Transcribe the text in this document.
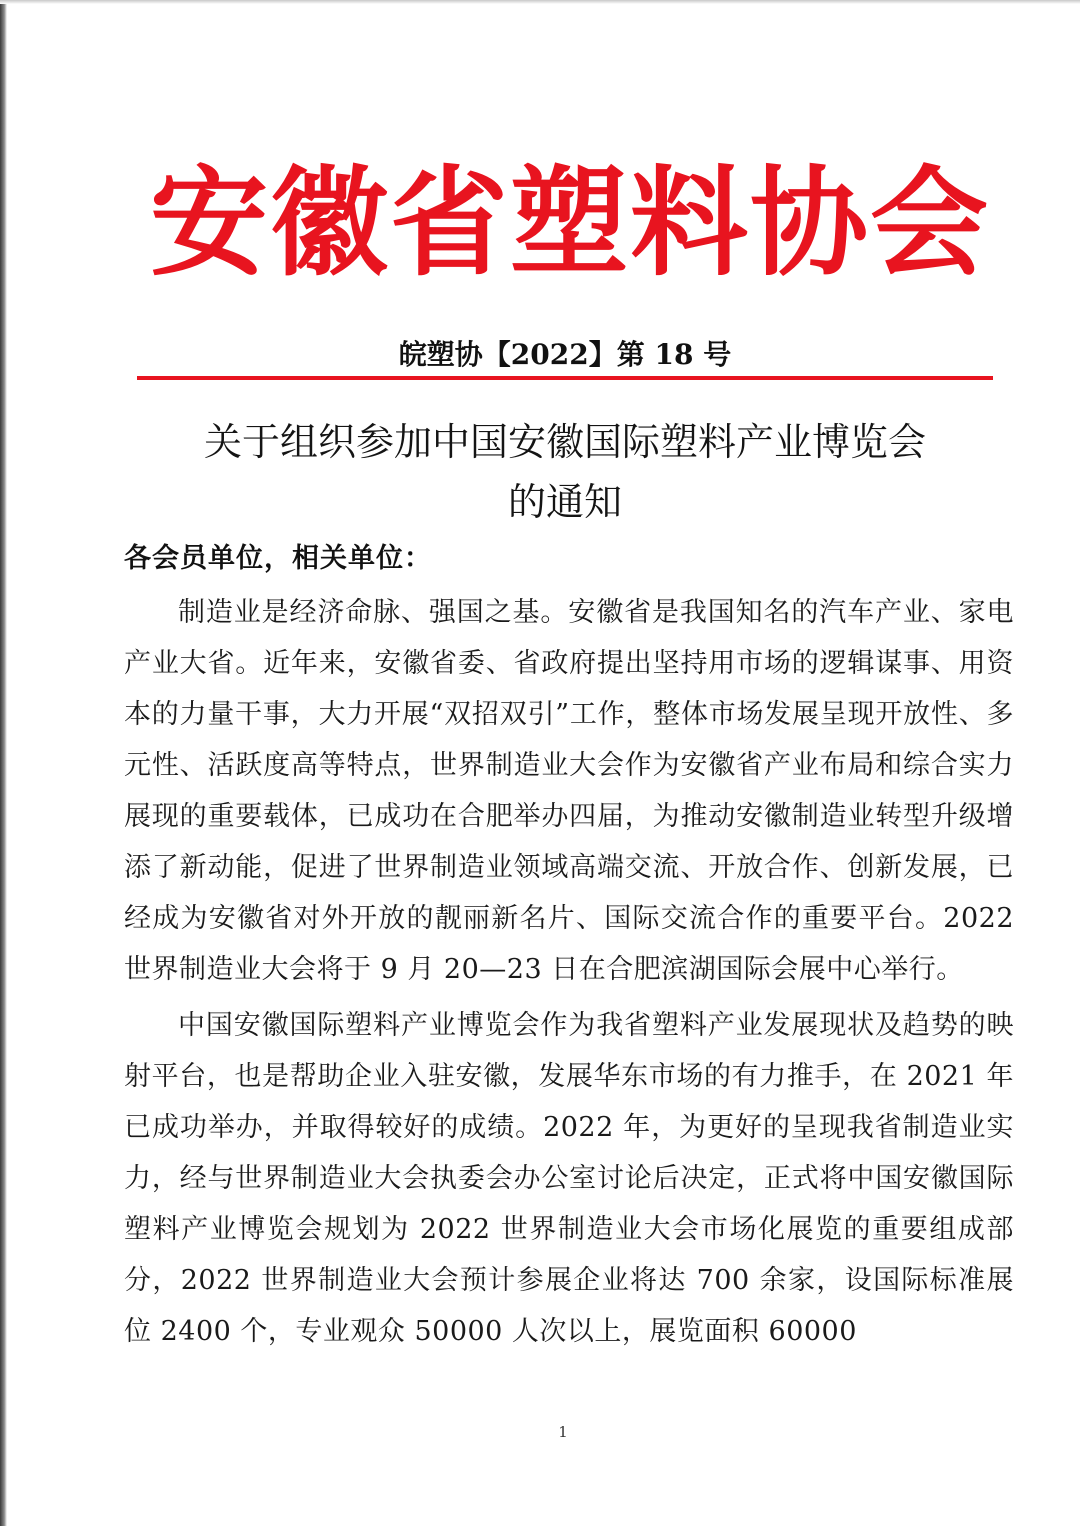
安徽省塑料协会
皖塑协【2022】第 18 号
关于组织参加中国安徽国际塑料产业博览会
的通知
各会员单位，相关单位：

制造业是经济命脉、强国之基。安徽省是我国知名的汽车产业、家电产业大省。近年来，安徽省委、省政府提出坚持用市场的逻辑谋事、用资本的力量干事，大力开展“双招双引”工作，整体市场发展呈现开放性、多元性、活跃度高等特点，世界制造业大会作为安徽省产业布局和综合实力展现的重要载体，已成功在合肥举办四届，为推动安徽制造业转型升级增添了新动能，促进了世界制造业领域高端交流、开放合作、创新发展，已经成为安徽省对外开放的靓丽新名片、国际交流合作的重要平台。2022 世界制造业大会将于 9 月 20—23 日在合肥滨湖国际会展中心举行。

中国安徽国际塑料产业博览会作为我省塑料产业发展现状及趋势的映射平台，也是帮助企业入驻安徽，发展华东市场的有力推手，在 2021 年已成功举办，并取得较好的成绩。2022 年，为更好的呈现我省制造业实力，经与世界制造业大会执委会办公室讨论后决定，正式将中国安徽国际塑料产业博览会规划为 2022 世界制造业大会市场化展览的重要组成部分，2022 世界制造业大会预计参展企业将达 700 余家，设国际标准展位 2400 个，专业观众 50000 人次以上，展览面积 60000

1
